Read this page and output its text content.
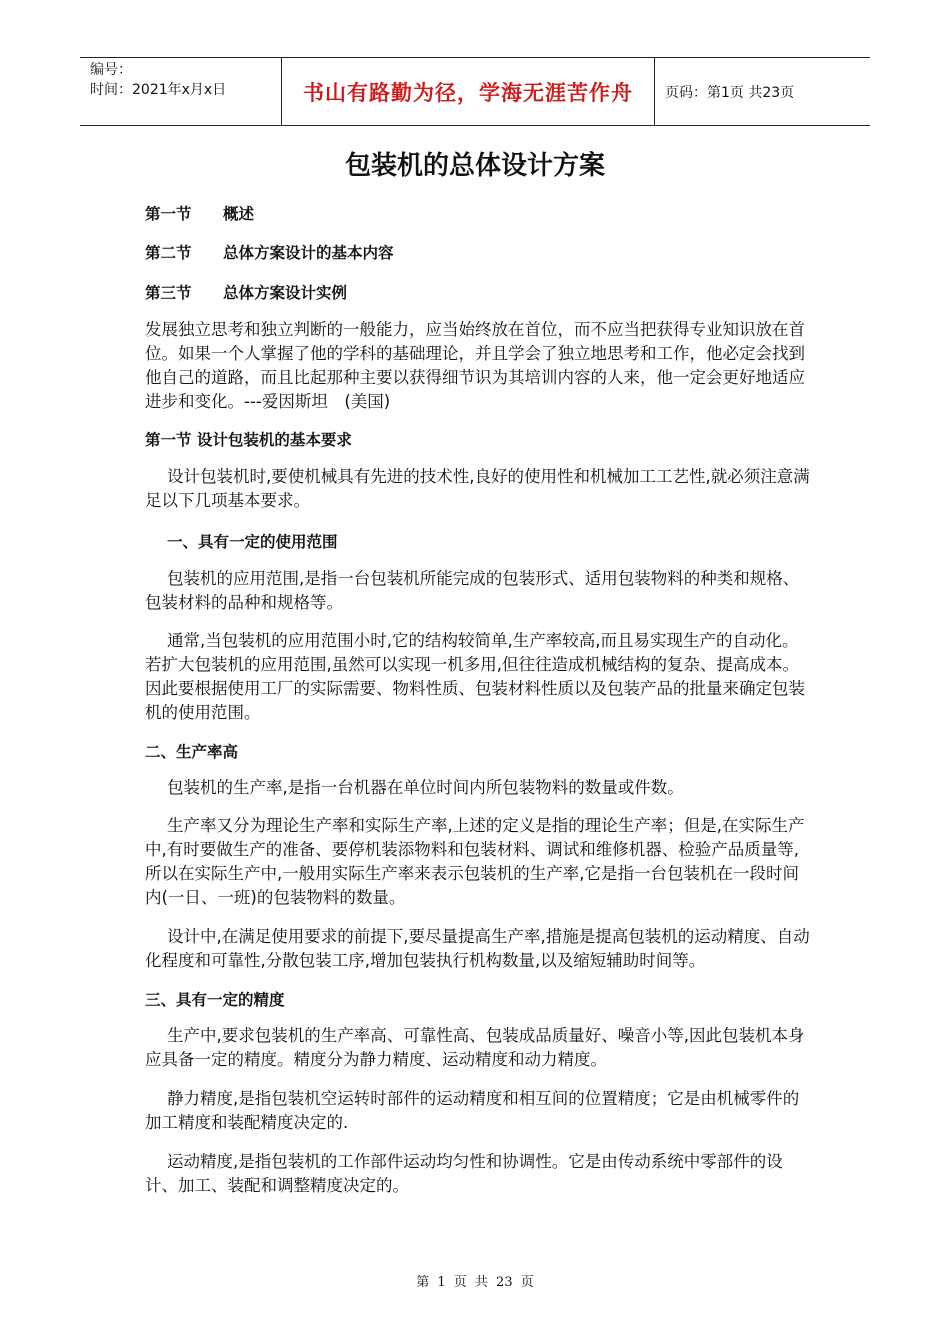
编号：
时间：2021年x月x日	书山有路勤为径，学海无涯苦作舟	页码：第1页 共23页
包装机的总体设计方案
第一节 概述
第二节 总体方案设计的基本内容
第三节 总体方案设计实例

发展独立思考和独立判断的一般能力，应当始终放在首位，而不应当把获得专业知识放在首位。如果一个人掌握了他的学科的基础理论，并且学会了独立地思考和工作，他必定会找到他自己的道路，而且比起那种主要以获得细节识为其培训内容的人来，他一定会更好地适应进步和变化。---爱因斯坦　(美国)

第一节 设计包装机的基本要求

设计包装机时,要使机械具有先进的技术性,良好的使用性和机械加工工艺性,就必须注意满足以下几项基本要求。

一、具有一定的使用范围

包装机的应用范围,是指一台包装机所能完成的包装形式、适用包装物料的种类和规格、包装材料的品种和规格等。

通常,当包装机的应用范围小时,它的结构较简单,生产率较高,而且易实现生产的自动化。若扩大包装机的应用范围,虽然可以实现一机多用,但往往造成机械结构的复杂、提高成本。因此要根据使用工厂的实际需要、物料性质、包装材料性质以及包装产品的批量来确定包装机的使用范围。

二、生产率高

包装机的生产率,是指一台机器在单位时间内所包装物料的数量或件数。

生产率又分为理论生产率和实际生产率,上述的定义是指的理论生产率；但是,在实际生产中,有时要做生产的准备、要停机装添物料和包装材料、调试和维修机器、检验产品质量等,所以在实际生产中,一般用实际生产率来表示包装机的生产率,它是指一台包装机在一段时间内(一日、一班)的包装物料的数量。

设计中,在满足使用要求的前提下,要尽量提高生产率,措施是提高包装机的运动精度、自动化程度和可靠性,分散包装工序,增加包装执行机构数量,以及缩短辅助时间等。

三、具有一定的精度

生产中,要求包装机的生产率高、可靠性高、包装成品质量好、噪音小等,因此包装机本身应具备一定的精度。精度分为静力精度、运动精度和动力精度。

静力精度,是指包装机空运转时部件的运动精度和相互间的位置精度；它是由机械零件的加工精度和装配精度决定的.

运动精度,是指包装机的工作部件运动均匀性和协调性。它是由传动系统中零部件的设计、加工、装配和调整精度决定的。

第 1 页 共 23 页
